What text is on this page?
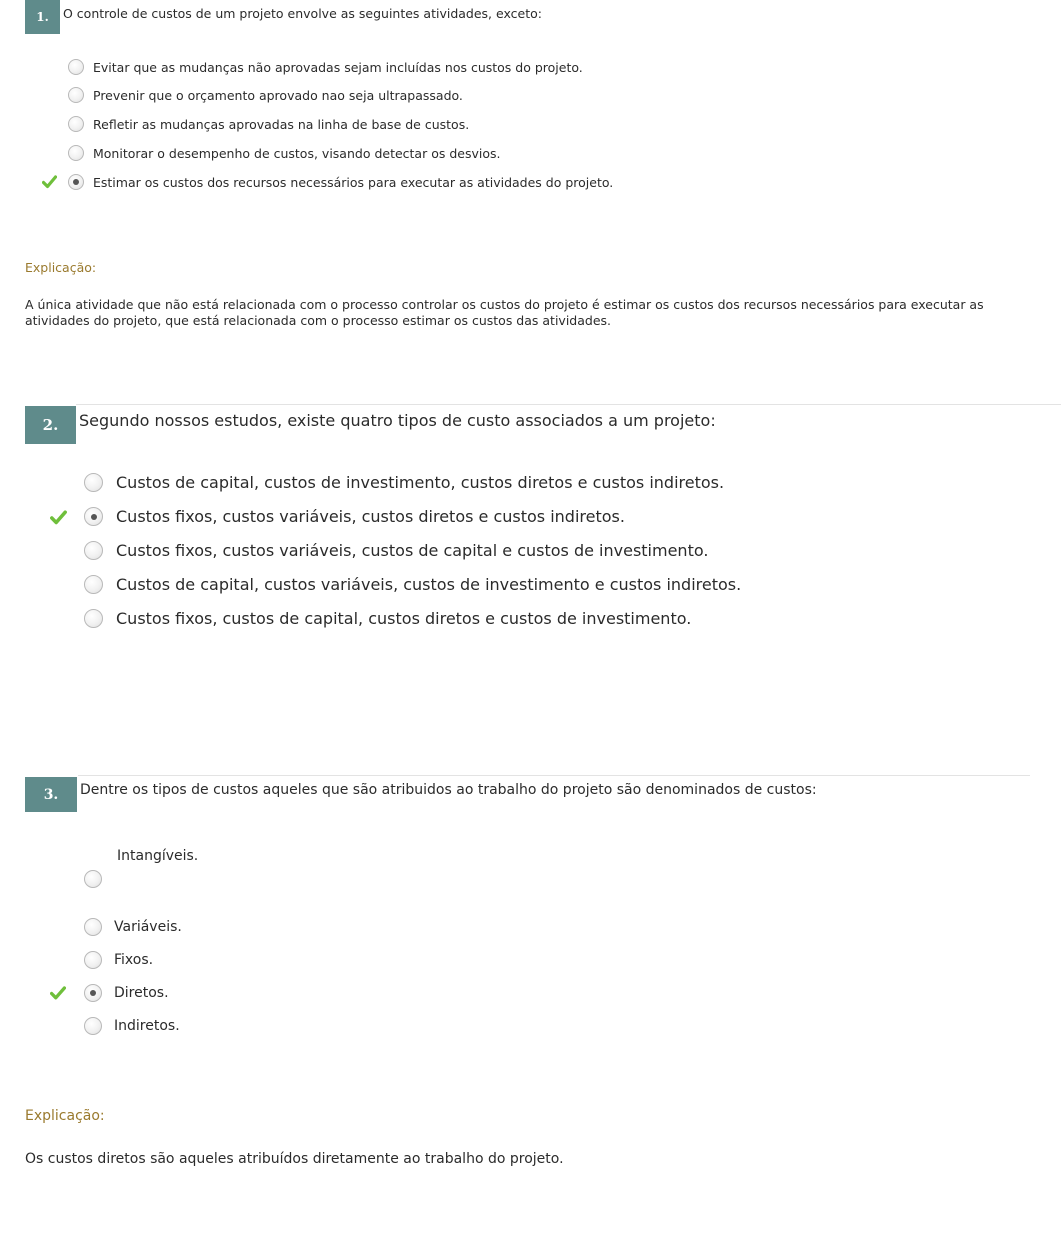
1.	O controle de custos de um projeto envolve as seguintes atividades, exceto:
Evitar que as mudanças não aprovadas sejam incluídas nos custos do projeto.
Prevenir que o orçamento aprovado nao seja ultrapassado.
Refletir as mudanças aprovadas na linha de base de custos.
Monitorar o desempenho de custos, visando detectar os desvios.
Estimar os custos dos recursos necessários para executar as atividades do projeto.
Explicação:
A única atividade que não está relacionada com o processo controlar os custos do projeto é estimar os custos dos recursos necessários para executar as
atividades do projeto, que está relacionada com o processo estimar os custos das atividades.
2.	Segundo nossos estudos, existe quatro tipos de custo associados a um projeto:
Custos de capital, custos de investimento, custos diretos e custos indiretos.
Custos fixos, custos variáveis, custos diretos e custos indiretos.
Custos fixos, custos variáveis, custos de capital e custos de investimento.
Custos de capital, custos variáveis, custos de investimento e custos indiretos.
Custos fixos, custos de capital, custos diretos e custos de investimento.
3.	Dentre os tipos de custos aqueles que são atribuidos ao trabalho do projeto são denominados de custos:
Intangíveis.
Variáveis.
Fixos.
Diretos.
Indiretos.
Explicação:
Os custos diretos são aqueles atribuídos diretamente ao trabalho do projeto.
